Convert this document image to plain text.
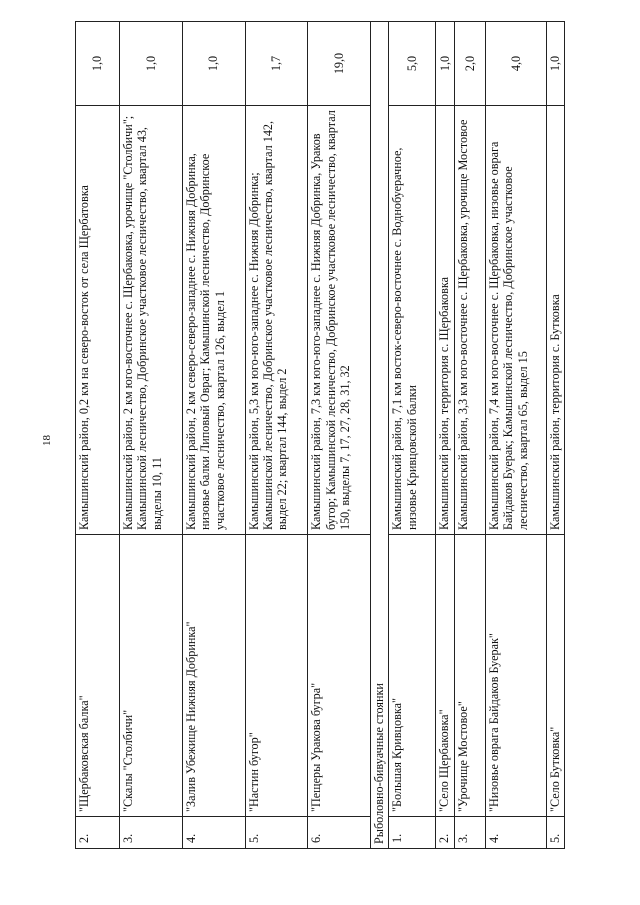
18
2.	"Щербаковская балка"	Камышинский район, 0,2 км на северо-восток от села Щербатовка	1,0
3.	"Скалы "Столбичи"	Камышинский район, 2 км юго-восточнее с. Щербаковка, урочище "Столбичи"; Камышинской лесничество, Добринское участковое лесничество, квартал 43, выделы 10, 11	1,0
4.	"Залив Убежище Нижняя Добринка"	Камышинский район, 2 км северо-северо-западнее с. Нижняя Добринка, низовье балки Липовый Овраг; Камышинской лесничество, Добринское участковое лесничество, квартал 126, выдел 1	1,0
5.	"Настин бугор"	Камышинский район, 5,3 км юго-юго-западнее с. Нижняя Добринка; Камышинской лесничество, Добринское участковое лесничество, квартал 142, выдел 22; квартал 144, выдел 2	1,7
6.	"Пещеры Уракова бугра"	Камышинский район, 7,3 км юго-юго-западнее с. Нижняя Добринка, Ураков бугор; Камышинской лесничество, Добринское участковое лесничество, квартал 150, выделы 7, 17, 27, 28, 31, 32	19,0
Рыболовно-бивуачные стоянки			
1.	"Большая Кривцовка"	Камышинский район, 7,1 км восток-северо-восточнее с. Воднобуерачное, низовье Кривцовской балки	5,0
2.	"Село Щербаковка"	Камышинский район, территория с. Щербаковка	1,0
3.	"Урочище Мостовое"	Камышинский район, 3,3 км юго-восточнее с. Щербаковка, урочище Мостовое	2,0
4.	"Низовье оврага Байдаков Буерак"	Камышинский район, 7,4 км юго-восточнее с. Щербаковка, низовье оврага Байдаков Буерак; Камышинской лесничество, Добринское участковое лесничество, квартал 65, выдел 15	4,0
5.	"Село Бутковка"	Камышинский район, территория с. Бутковка	1,0
